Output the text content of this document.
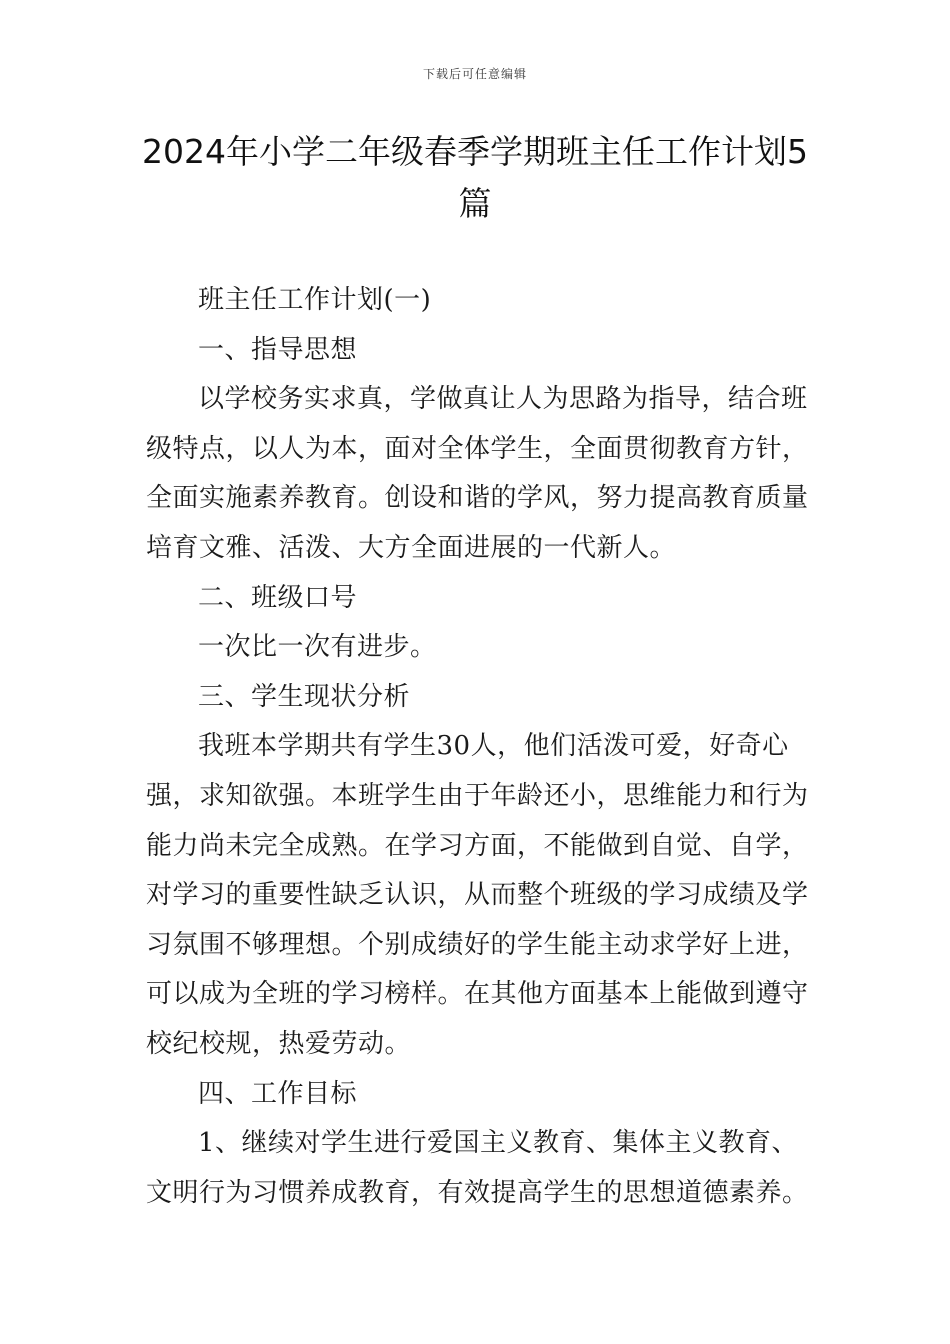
下载后可任意编辑
2024年小学二年级春季学期班主任工作计划5篇

班主任工作计划(一)

一、指导思想

以学校务实求真，学做真让人为思路为指导，结合班级特点，以人为本，面对全体学生，全面贯彻教育方针，全面实施素养教育。创设和谐的学风，努力提高教育质量培育文雅、活泼、大方全面进展的一代新人。

二、班级口号

一次比一次有进步。

三、学生现状分析

我班本学期共有学生30人，他们活泼可爱，好奇心强，求知欲强。本班学生由于年龄还小，思维能力和行为能力尚未完全成熟。在学习方面，不能做到自觉、自学，对学习的重要性缺乏认识，从而整个班级的学习成绩及学习氛围不够理想。个别成绩好的学生能主动求学好上进，可以成为全班的学习榜样。在其他方面基本上能做到遵守校纪校规，热爱劳动。

四、工作目标

1、继续对学生进行爱国主义教育、集体主义教育、文明行为习惯养成教育，有效提高学生的思想道德素养。
